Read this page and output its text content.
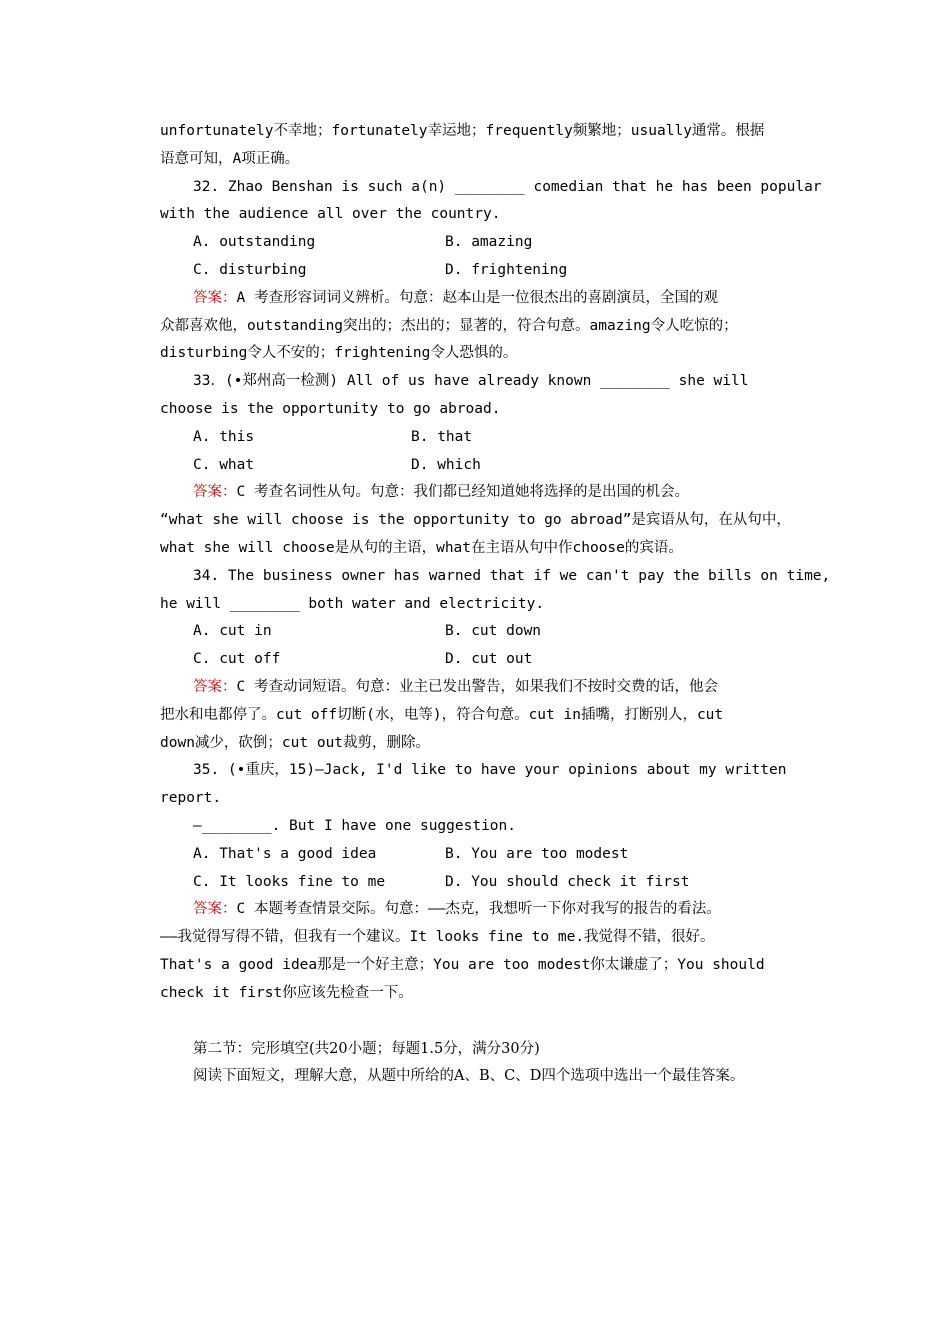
unfortunately不幸地；fortunately幸运地；frequently频繁地；usually通常。根据
语意可知，A项正确。
32. Zhao Benshan is such a(n) ________ comedian that he has been popular
with the audience all over the country.
A. outstanding	B. amazing
C. disturbing	D. frightening
答案：A 考查形容词词义辨析。句意：赵本山是一位很杰出的喜剧演员，全国的观
众都喜欢他，outstanding突出的；杰出的；显著的，符合句意。amazing令人吃惊的；
disturbing令人不安的；frightening令人恐惧的。
33．(•郑州高一检测) All of us have already known ________ she will
choose is the opportunity to go abroad.
A. this	B. that
C. what	D. which
答案：C 考查名词性从句。句意：我们都已经知道她将选择的是出国的机会。
“what she will choose is the opportunity to go abroad”是宾语从句，在从句中，
what she will choose是从句的主语，what在主语从句中作choose的宾语。
34. The business owner has warned that if we can't pay the bills on time,
he will ________ both water and electricity.
A. cut in	B. cut down
C. cut off	D. cut out
答案：C 考查动词短语。句意：业主已发出警告，如果我们不按时交费的话，他会
把水和电都停了。cut off切断(水，电等)，符合句意。cut in插嘴，打断别人，cut
down减少，砍倒；cut out裁剪，删除。
35. (•重庆，15)—Jack, I'd like to have your opinions about my written
report.
—________. But I have one suggestion.
A. That's a good idea	B. You are too modest
C. It looks fine to me	D. You should check it first
答案：C 本题考查情景交际。句意：——杰克，我想听一下你对我写的报告的看法。
——我觉得写得不错，但我有一个建议。It looks fine to me.我觉得不错，很好。
That's a good idea那是一个好主意；You are too modest你太谦虚了；You should
check it first你应该先检查一下。
第二节：完形填空(共20小题；每题1.5分，满分30分)
阅读下面短文，理解大意，从题中所给的A、B、C、D四个选项中选出一个最佳答案。
